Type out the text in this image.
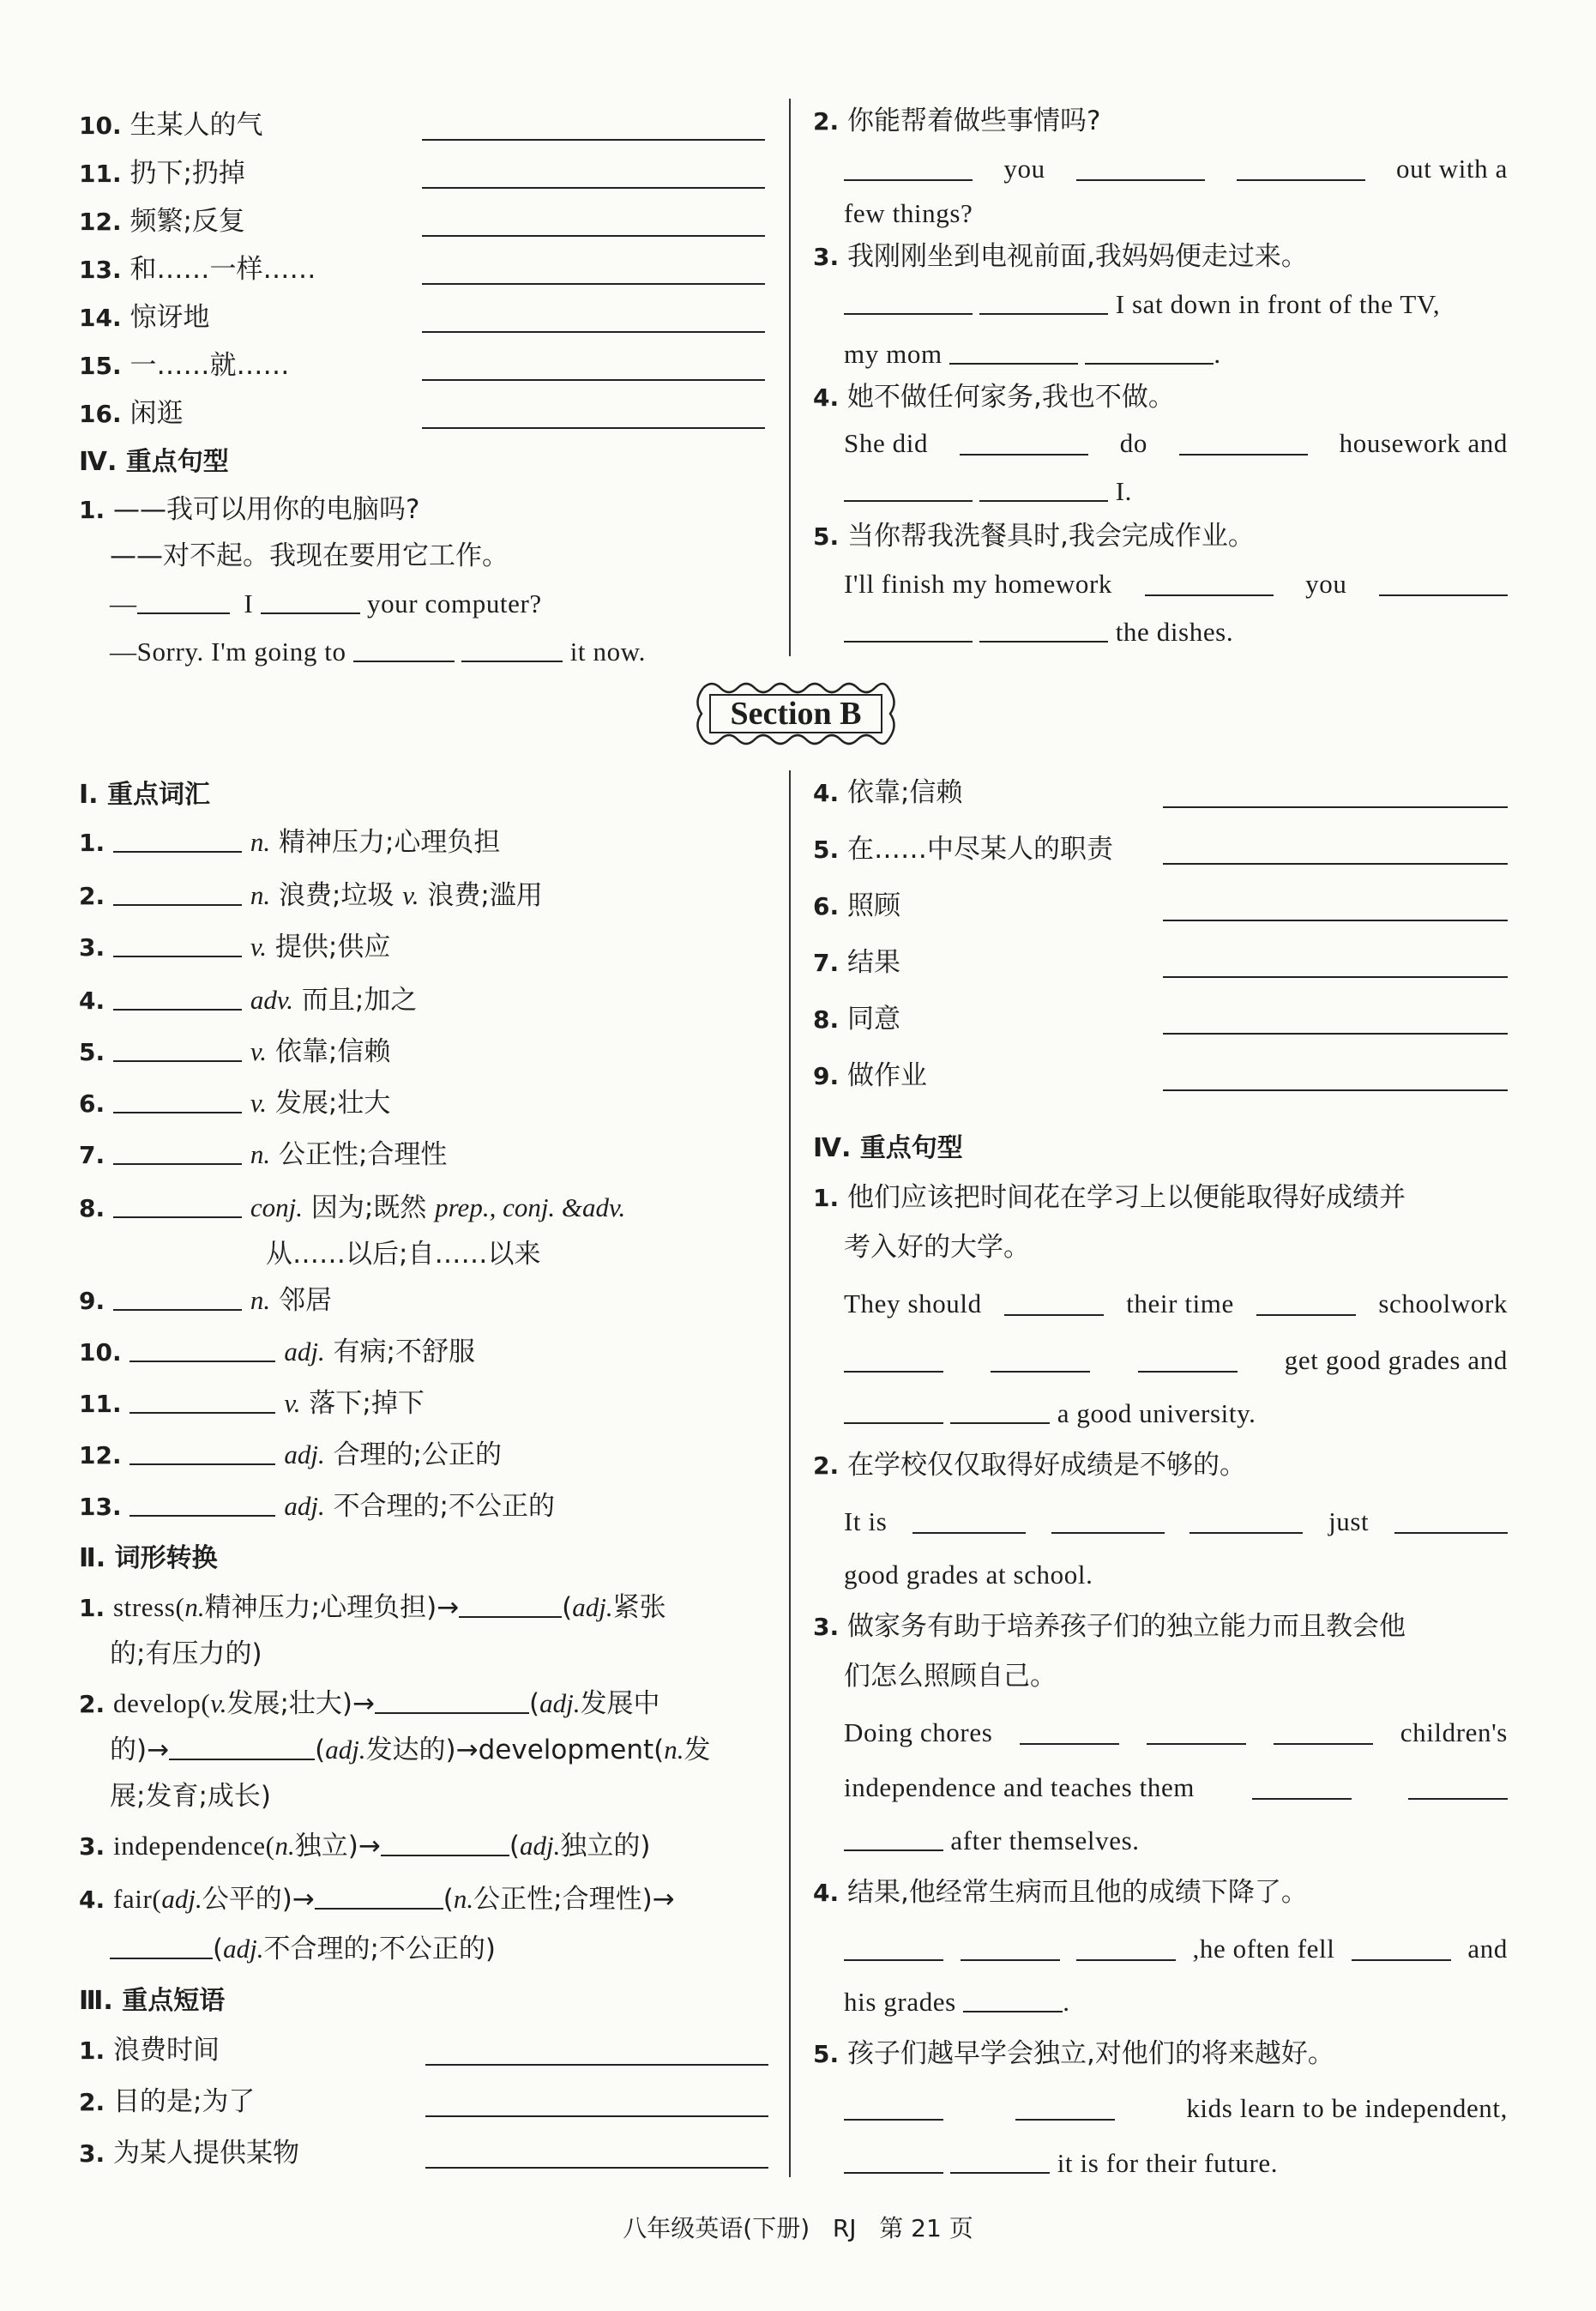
10. 生某人的气
11. 扔下;扔掉
12. 频繁;反复
13. 和……一样……
14. 惊讶地
15. 一……就……
16. 闲逛
Ⅳ. 重点句型
1. ——我可以用你的电脑吗?
——对不起。我现在要用它工作。
—	I	your computer?
—Sorry. I'm going to	it now.
2. 你能帮着做些事情吗?
you	out with a
few things?
3. 我刚刚坐到电视前面,我妈妈便走过来。
I sat down in front of the TV,
my mom	.
4. 她不做任何家务,我也不做。
She did	do	housework and
I.
5. 当你帮我洗餐具时,我会完成作业。
I'll finish my homework	you
the dishes.
Section B
Ⅰ. 重点词汇
1.	n. 精神压力;心理负担
2.	n. 浪费;垃圾 v. 浪费;滥用
3.	v. 提供;供应
4.	adv. 而且;加之
5.	v. 依靠;信赖
6.	v. 发展;壮大
7.	n. 公正性;合理性
8.	conj. 因为;既然 prep., conj. &adv.
从……以后;自……以来
9.	n. 邻居
10.	adj. 有病;不舒服
11.	v. 落下;掉下
12.	adj. 合理的;公正的
13.	adj. 不合理的;不公正的
Ⅱ. 词形转换
1. stress(n.精神压力;心理负担)→	(adj.紧张
的;有压力的)
2. develop(v.发展;壮大)→	(adj.发展中
的)→	(adj.发达的)→development(n.发
展;发育;成长)
3. independence(n.独立)→	(adj.独立的)
4. fair(adj.公平的)→	(n.公正性;合理性)→
(adj.不合理的;不公正的)
Ⅲ. 重点短语
1. 浪费时间
2. 目的是;为了
3. 为某人提供某物
4. 依靠;信赖
5. 在……中尽某人的职责
6. 照顾
7. 结果
8. 同意
9. 做作业
Ⅳ. 重点句型
1. 他们应该把时间花在学习上以便能取得好成绩并
考入好的大学。
They should	their time	schoolwork
get good grades and
a good university.
2. 在学校仅仅取得好成绩是不够的。
It is	just
good grades at school.
3. 做家务有助于培养孩子们的独立能力而且教会他
们怎么照顾自己。
Doing chores	children's
independence and teaches them
after themselves.
4. 结果,他经常生病而且他的成绩下降了。
,he often fell	and
his grades	.
5. 孩子们越早学会独立,对他们的将来越好。
kids learn to be independent,
it is for their future.
八年级英语(下册)   RJ   第 21 页
